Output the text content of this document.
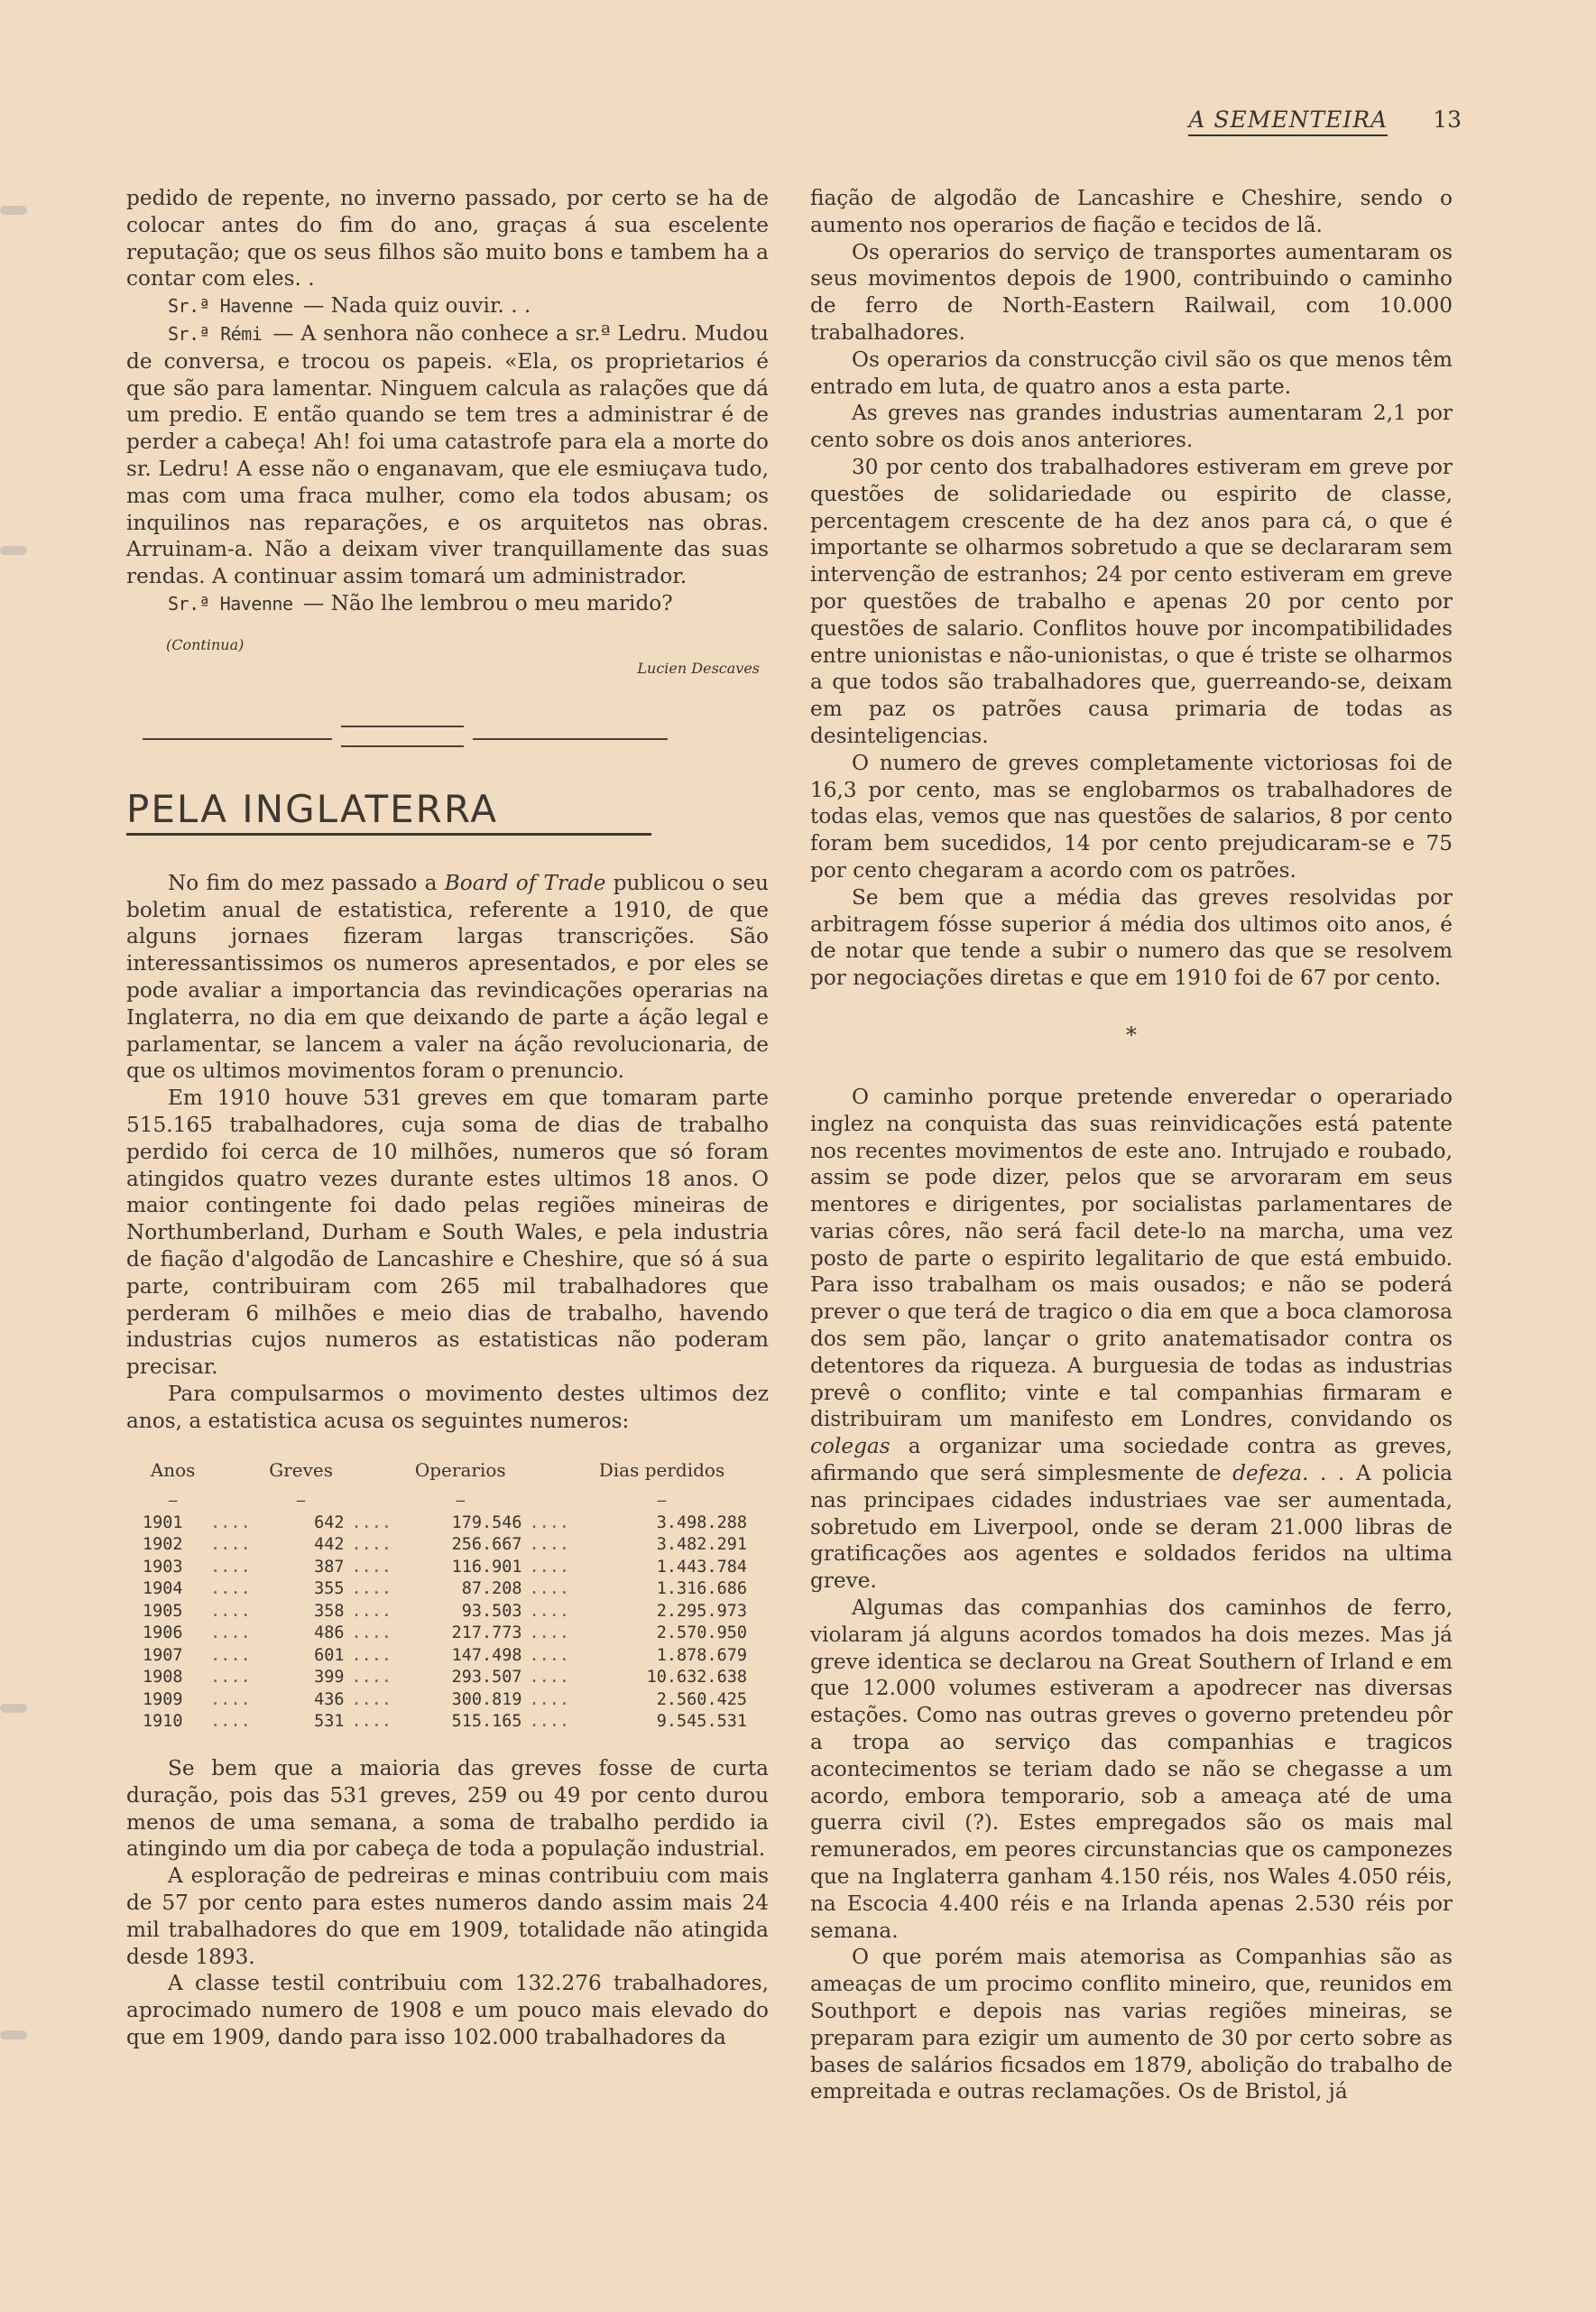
A SEMENTEIRA 13

pedido de repente, no inverno passado, por certo se ha de colocar antes do fim do ano, graças á sua escelente reputação; que os seus filhos são muito bons e tambem ha a contar com eles. .

Sr.ª Havenne — Nada quiz ouvir. . .

Sr.ª Rémi — A senhora não conhece a sr.ª Ledru. Mudou de conversa, e trocou os papeis. «Ela, os proprietarios é que são para lamentar. Ninguem calcula as ralações que dá um predio. E então quando se tem tres a administrar é de perder a cabeça! Ah! foi uma catastrofe para ela a morte do sr. Ledru! A esse não o enganavam, que ele esmiuçava tudo, mas com uma fraca mulher, como ela todos abusam; os inquilinos nas reparações, e os arquitetos nas obras. Arruinam-a. Não a deixam viver tranquillamente das suas rendas. A continuar assim tomará um administrador.

Sr.ª Havenne — Não lhe lembrou o meu marido?

(Continua)
Lucien Descaves
PELA INGLATERRA

No fim do mez passado a Board of Trade publicou o seu boletim anual de estatistica, referente a 1910, de que alguns jornaes fizeram largas transcrições. São interessantissimos os numeros apresentados, e por eles se pode avaliar a importancia das revindicações operarias na Inglaterra, no dia em que deixando de parte a áção legal e parlamentar, se lancem a valer na áção revolucionaria, de que os ultimos movimentos foram o prenuncio.

Em 1910 houve 531 greves em que tomaram parte 515.165 trabalhadores, cuja soma de dias de trabalho perdido foi cerca de 10 milhões, numeros que só foram atingidos quatro vezes durante estes ultimos 18 anos. O maior contingente foi dado pelas regiões mineiras de Northumberland, Durham e South Wales, e pela industria de fiação d'algodão de Lancashire e Cheshire, que só á sua parte, contribuiram com 265 mil trabalhadores que perderam 6 milhões e meio dias de trabalho, havendo industrias cujos numeros as estatisticas não poderam precisar.

Para compulsarmos o movimento destes ultimos dez anos, a estatistica acusa os seguintes numeros:

Anos		Greves		Operarios		Dias perdidos
—		—		—		—
1901	....	642	....	179.546	....	3.498.288
1902	....	442	....	256.667	....	3.482.291
1903	....	387	....	116.901	....	1.443.784
1904	....	355	....	87.208	....	1.316.686
1905	....	358	....	93.503	....	2.295.973
1906	....	486	....	217.773	....	2.570.950
1907	....	601	....	147.498	....	1.878.679
1908	....	399	....	293.507	....	10.632.638
1909	....	436	....	300.819	....	2.560.425
1910	....	531	....	515.165	....	9.545.531

Se bem que a maioria das greves fosse de curta duração, pois das 531 greves, 259 ou 49 por cento durou menos de uma semana, a soma de trabalho perdido ia atingindo um dia por cabeça de toda a população industrial.

A esploração de pedreiras e minas contribuiu com mais de 57 por cento para estes numeros dando assim mais 24 mil trabalhadores do que em 1909, totalidade não atingida desde 1893.

A classe testil contribuiu com 132.276 trabalhadores, aprocimado numero de 1908 e um pouco mais elevado do que em 1909, dando para isso 102.000 trabalhadores da

fiação de algodão de Lancashire e Cheshire, sendo o aumento nos operarios de fiação e tecidos de lã.

Os operarios do serviço de transportes aumentaram os seus movimentos depois de 1900, contribuindo o caminho de ferro de North-Eastern Railwail, com 10.000 trabalhadores.

Os operarios da construcção civil são os que menos têm entrado em luta, de quatro anos a esta parte.

As greves nas grandes industrias aumentaram 2,1 por cento sobre os dois anos anteriores.

30 por cento dos trabalhadores estiveram em greve por questões de solidariedade ou espirito de classe, percentagem crescente de ha dez anos para cá, o que é importante se olharmos sobretudo a que se declararam sem intervenção de estranhos; 24 por cento estiveram em greve por questões de trabalho e apenas 20 por cento por questões de salario. Conflitos houve por incompatibilidades entre unionistas e não-unionistas, o que é triste se olharmos a que todos são trabalhadores que, guerreando-se, deixam em paz os patrões causa primaria de todas as desinteligencias.

O numero de greves completamente victoriosas foi de 16,3 por cento, mas se englobarmos os trabalhadores de todas elas, vemos que nas questões de salarios, 8 por cento foram bem sucedidos, 14 por cento prejudicaram-se e 75 por cento chegaram a acordo com os patrões.

Se bem que a média das greves resolvidas por arbitragem fósse superior á média dos ultimos oito anos, é de notar que tende a subir o numero das que se resolvem por negociações diretas e que em 1910 foi de 67 por cento.

*

O caminho porque pretende enveredar o operariado inglez na conquista das suas reinvidicações está patente nos recentes movimentos de este ano. Intrujado e roubado, assim se pode dizer, pelos que se arvoraram em seus mentores e dirigentes, por socialistas parlamentares de varias côres, não será facil dete-lo na marcha, uma vez posto de parte o espirito legalitario de que está embuido. Para isso trabalham os mais ousados; e não se poderá prever o que terá de tragico o dia em que a boca clamorosa dos sem pão, lançar o grito anatematisador contra os detentores da riqueza. A burguesia de todas as industrias prevê o conflito; vinte e tal companhias firmaram e distribuiram um manifesto em Londres, convidando os colegas a organizar uma sociedade contra as greves, afirmando que será simplesmente de defeza. . . A policia nas principaes cidades industriaes vae ser aumentada, sobretudo em Liverpool, onde se deram 21.000 libras de gratificações aos agentes e soldados feridos na ultima greve.

Algumas das companhias dos caminhos de ferro, violaram já alguns acordos tomados ha dois mezes. Mas já greve identica se declarou na Great Southern of Irland e em que 12.000 volumes estiveram a apodrecer nas diversas estações. Como nas outras greves o governo pretendeu pôr a tropa ao serviço das companhias e tragicos acontecimentos se teriam dado se não se chegasse a um acordo, embora temporario, sob a ameaça até de uma guerra civil (?). Estes empregados são os mais mal remunerados, em peores circunstancias que os camponezes que na Inglaterra ganham 4.150 réis, nos Wales 4.050 réis, na Escocia 4.400 réis e na Irlanda apenas 2.530 réis por semana.

O que porém mais atemorisa as Companhias são as ameaças de um procimo conflito mineiro, que, reunidos em Southport e depois nas varias regiões mineiras, se preparam para ezigir um aumento de 30 por certo sobre as bases de salários ficsados em 1879, abolição do trabalho de empreitada e outras reclamações. Os de Bristol, já
